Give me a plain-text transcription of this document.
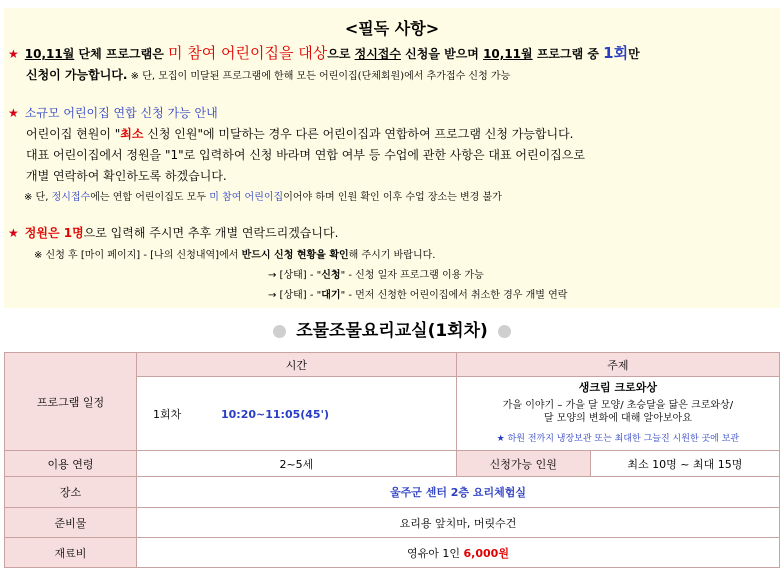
<필독 사항>
★ 10,11월 단체 프로그램은 미 참여 어린이집을 대상으로 정시접수 신청을 받으며 10,11월 프로그램 중 1회만
신청이 가능합니다. ※ 단, 모집이 미달된 프로그램에 한해 모든 어린이집(단체회원)에서 추가접수 신청 가능
★ 소규모 어린이집 연합 신청 가능 안내
어린이집 현원이 "최소 신청 인원"에 미달하는 경우 다른 어린이집과 연합하여 프로그램 신청 가능합니다.
대표 어린이집에서 정원을 "1"로 입력하여 신청 바라며 연합 여부 등 수업에 관한 사항은 대표 어린이집으로
개별 연락하여 확인하도록 하겠습니다.
※ 단, 정시접수에는 연합 어린이집도 모두 미 참여 어린이집이어야 하며 인원 확인 이후 수업 장소는 변경 불가
★ 정원은 1명으로 입력해 주시면 추후 개별 연락드리겠습니다.
※ 신청 후 [마이 페이지] - [나의 신청내역]에서 반드시 신청 현황을 확인해 주시기 바랍니다.
→ [상태] - "신청" - 신청 일자 프로그램 이용 가능
→ [상태] - "대기" - 먼저 신청한 어린이집에서 취소한 경우 개별 연락
조물조물요리교실(1회차)
프로그램 일정	시간	주제	
	1회차 10:20~11:05(45')	생크림 크로와상
가을 이야기 – 가을 달 모양/ 초승달을 닮은 크로와상/
달 모양의 변화에 대해 알아보아요
★ 하원 전까지 냉장보관 또는 최대한 그늘진 시원한 곳에 보관	

이용 연령	2~5세	신청가능 인원	최소 10명 ~ 최대 15명
장소	울주군 센터 2층 요리체험실		
준비물	요리용 앞치마, 머릿수건		
재료비	영유아 1인 6,000원		
